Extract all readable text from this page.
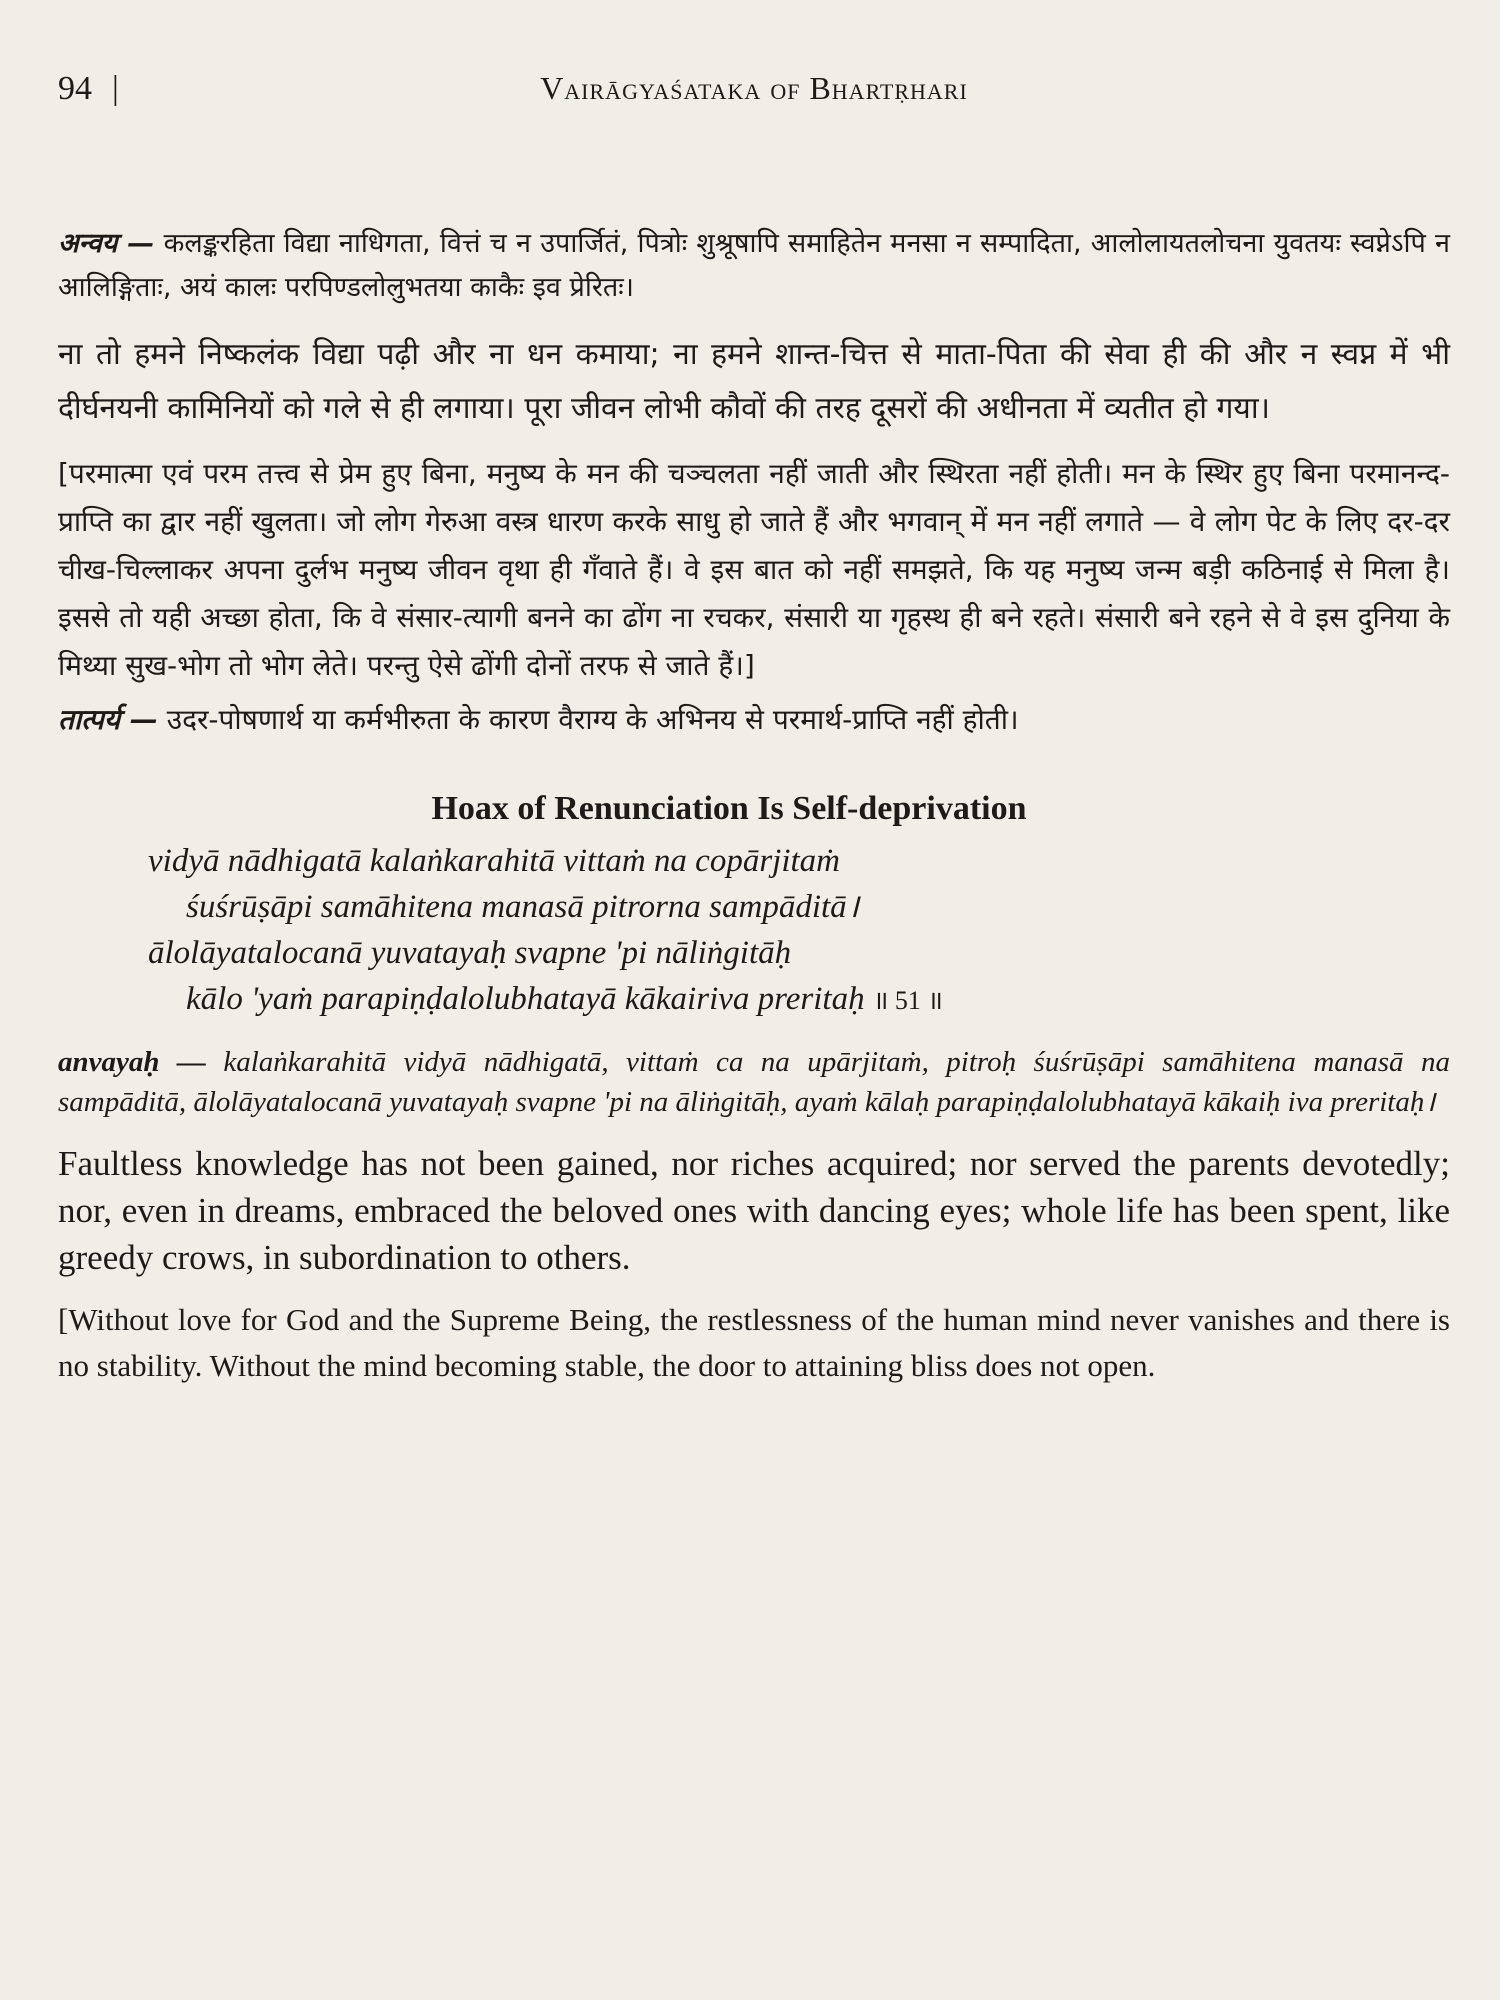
94 |	Vairāgyaśataka of Bhartṛhari
अन्वय — कलङ्करहिता विद्या नाधिगता, वित्तं च न उपार्जितं, पित्रोः शुश्रूषापि समाहितेन मनसा न सम्पादिता, आलोलायतलोचना युवतयः स्वप्नेऽपि न आलिङ्गिताः, अयं कालः परपिण्डलोलुभतया काकैः इव प्रेरितः।
ना तो हमने निष्कलंक विद्या पढ़ी और ना धन कमाया; ना हमने शान्त-चित्त से माता-पिता की सेवा ही की और न स्वप्न में भी दीर्घनयनी कामिनियों को गले से ही लगाया। पूरा जीवन लोभी कौवों की तरह दूसरों की अधीनता में व्यतीत हो गया।
[परमात्मा एवं परम तत्त्व से प्रेम हुए बिना, मनुष्य के मन की चञ्चलता नहीं जाती और स्थिरता नहीं होती। मन के स्थिर हुए बिना परमानन्द-प्राप्ति का द्वार नहीं खुलता। जो लोग गेरुआ वस्त्र धारण करके साधु हो जाते हैं और भगवान् में मन नहीं लगाते — वे लोग पेट के लिए दर-दर चीख-चिल्लाकर अपना दुर्लभ मनुष्य जीवन वृथा ही गँवाते हैं। वे इस बात को नहीं समझते, कि यह मनुष्य जन्म बड़ी कठिनाई से मिला है। इससे तो यही अच्छा होता, कि वे संसार-त्यागी बनने का ढोंग ना रचकर, संसारी या गृहस्थ ही बने रहते। संसारी बने रहने से वे इस दुनिया के मिथ्या सुख-भोग तो भोग लेते। परन्तु ऐसे ढोंगी दोनों तरफ से जाते हैं।]
तात्पर्य — उदर-पोषणार्थ या कर्मभीरुता के कारण वैराग्य के अभिनय से परमार्थ-प्राप्ति नहीं होती।
Hoax of Renunciation Is Self-deprivation
vidyā nādhigatā kalaṅkarahitā vittaṁ na copārjitaṁ
śuśrūṣāpi samāhitena manasā pitrorna sampāditā।
ālolāyatalocanā yuvatayaḥ svapne 'pi nāliṅgitāḥ
kālo 'yaṁ parapiṇḍalolubhatayā kākairiva preritaḥ ॥ 51 ॥
anvayaḥ — kalaṅkarahitā vidyā nādhigatā, vittaṁ ca na upārjitaṁ, pitroḥ śuśrūṣāpi samāhitena manasā na sampāditā, ālolāyatalocanā yuvatayaḥ svapne 'pi na āliṅgitāḥ, ayaṁ kālaḥ parapiṇḍalolubhatayā kākaiḥ iva preritaḥ।
Faultless knowledge has not been gained, nor riches acquired; nor served the parents devotedly; nor, even in dreams, embraced the beloved ones with dancing eyes; whole life has been spent, like greedy crows, in subordination to others.
[Without love for God and the Supreme Being, the restlessness of the human mind never vanishes and there is no stability. Without the mind becoming stable, the door to attaining bliss does not open.
